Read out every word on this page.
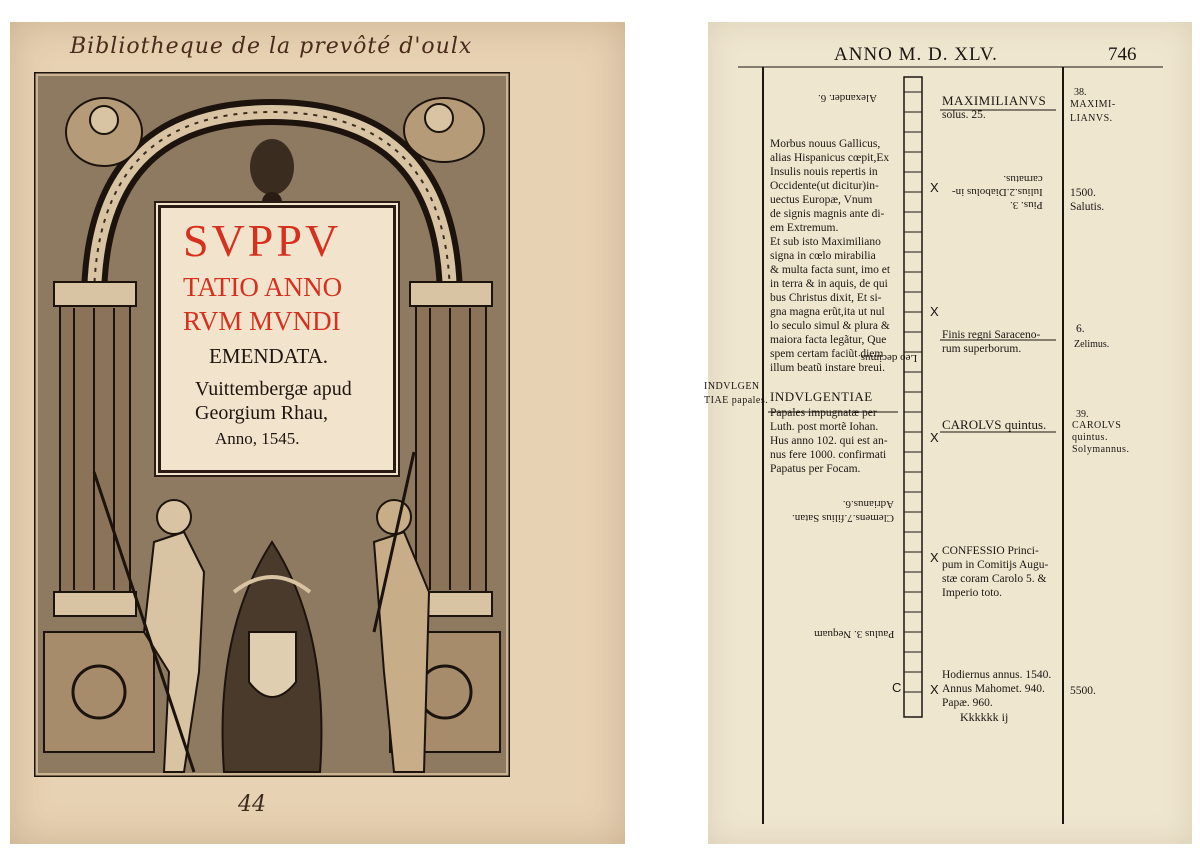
Bibliotheque de la prevôté d'oulx
SVPPV
TATIO ANNO
RVM MVNDI
EMENDATA.
Vuittembergæ apud
Georgium Rhau,
Anno, 1545.
44
ANNO M. D. XLV.	746
Alexander. 6.
Morbus nouus Gallicus,
alias Hispanicus cœpit,Ex
Insulis nouis repertis in
Occidente(ut dicitur)in-
uectus Europæ, Vnum
de signis magnis ante di-
em Extremum.
Et sub isto Maximiliano
signa in cœlo mirabilia
& multa facta sunt, imo et
in terra & in aquis, de qui
bus Christus dixit, Et si-
gna magna erũt,ita ut nul
lo seculo simul & plura &
maiora facta legãtur, Que
spem certam faciũt diem
illum beatũ instare breui.
Leo decimus.
INDVLGEN
TIAE papales. INDVLGENTIAE
Papales impugnatæ per
Luth. post mortẽ Iohan.
Hus anno 102. qui est an-
nus fere 1000. confirmati
Papatus per Focam.
Clemens.7.filius Satan.
Adrianus.6.
Paulus 3. Nequam
MAXIMILIANVS
solus. 25.
Pius. 3.
Iulius.2.Diabolus in-
carnatus.
Finis regni Saraceno-
rum superborum.
CAROLVS quintus.
CONFESSIO Princi-
pum in Comitijs Augu-
stæ coram Carolo 5. &
Imperio toto.
Hodiernus annus. 1540.
Annus Mahomet. 940.
Papæ. 960.
Kkkkkk ij
X
X
X
X
X
C
38.
MAXIMI-
LIANVS.
1500.
Salutis.
6.
Zelimus.
39.
CAROLVS
quintus.
Solymannus.
5500.
